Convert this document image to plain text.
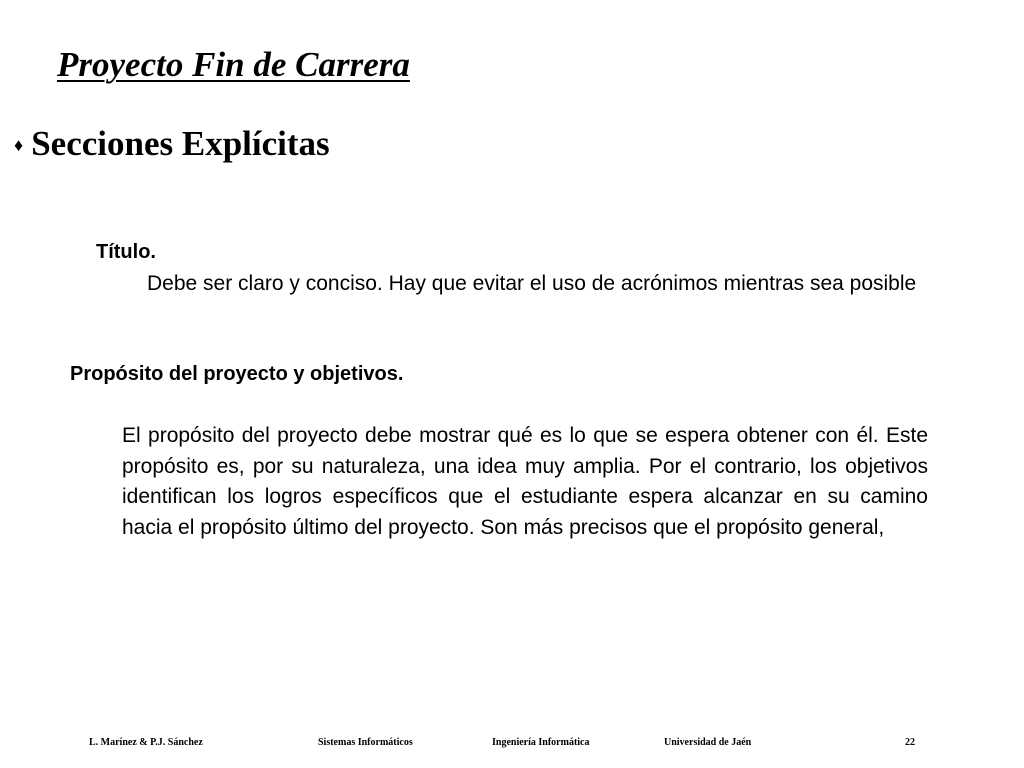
Proyecto Fin de Carrera
♦ Secciones Explícitas
Título.

Debe ser claro y conciso. Hay que evitar el uso de acrónimos mientras sea posible

Propósito del proyecto y objetivos.

El propósito del proyecto debe mostrar qué es lo que se espera obtener con él. Este propósito es, por su naturaleza, una idea muy amplia. Por el contrario, los objetivos identifican los logros específicos que el estudiante espera alcanzar en su camino hacia el propósito último del proyecto. Son más precisos que el propósito general,

L. Marínez & P.J. Sánchez	Sistemas Informáticos	Ingeniería Informática	Universidad de Jaén	22
